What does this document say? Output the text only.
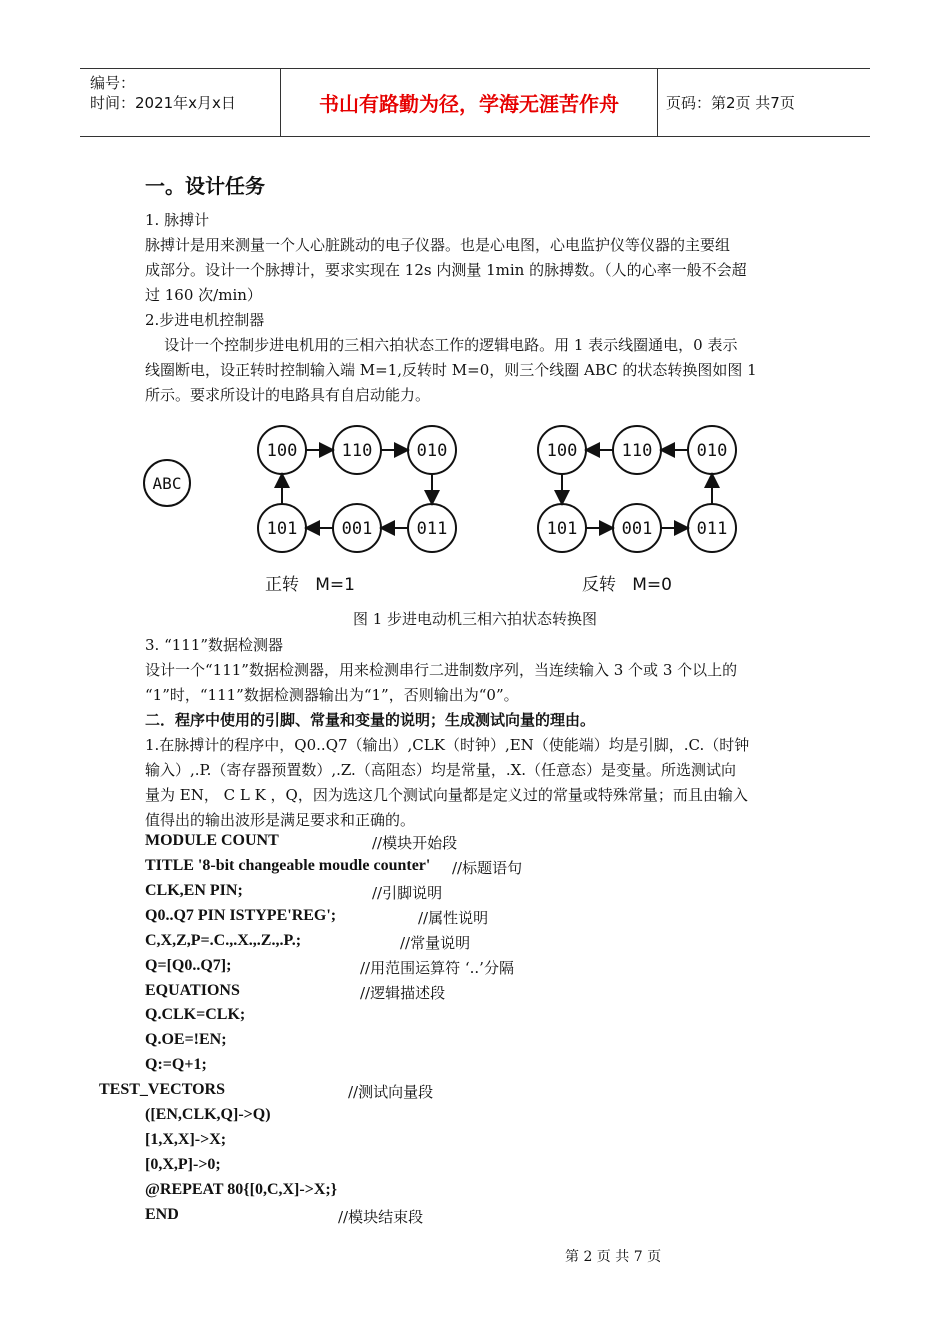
编号：
时间：2021年x月x日	书山有路勤为径，学海无涯苦作舟	页码：第2页 共7页
一。设计任务
1. 脉搏计
脉搏计是用来测量一个人心脏跳动的电子仪器。也是心电图，心电监护仪等仪器的主要组
成部分。设计一个脉搏计，要求实现在 12s 内测量 1min 的脉搏数。（人的心率一般不会超
过 160 次/min）
2.步进电机控制器
设计一个控制步进电机用的三相六拍状态工作的逻辑电路。用 1 表示线圈通电，0 表示
线圈断电，设正转时控制输入端 M=1,反转时 M=0，则三个线圈 ABC 的状态转换图如图 1
所示。要求所设计的电路具有自启动能力。
ABC
100	110	010
101	001	011
正转   M=1
100	110	010
101	001	011
反转   M=0
图 1 步进电动机三相六拍状态转换图
3. “111”数据检测器
设计一个“111”数据检测器，用来检测串行二进制数序列，当连续输入 3 个或 3 个以上的
“1”时，“111”数据检测器输出为“1”，否则输出为“0”。
二．程序中使用的引脚、常量和变量的说明；生成测试向量的理由。
1.在脉搏计的程序中，Q0..Q7（输出）,CLK（时钟）,EN（使能端）均是引脚，.C.（时钟
输入）,.P.（寄存器预置数）,.Z.（高阻态）均是常量，.X.（任意态）是变量。所选测试向
量为 EN， C L K ，Q，因为选这几个测试向量都是定义过的常量或特殊常量；而且由输入
值得出的输出波形是满足要求和正确的。
MODULE COUNT	//模块开始段
TITLE '8-bit changeable moudle counter' //标题语句
CLK,EN PIN;	//引脚说明
Q0..Q7 PIN ISTYPE'REG';	//属性说明
C,X,Z,P=.C.,.X.,.Z.,.P.;	//常量说明
Q=[Q0..Q7];	//用范围运算符 ‘..’分隔
EQUATIONS	//逻辑描述段
Q.CLK=CLK;
Q.OE=!EN;
Q:=Q+1;
TEST_VECTORS	//测试向量段
([EN,CLK,Q]->Q)
[1,X,X]->X;
[0,X,P]->0;
@REPEAT 80{[0,C,X]->X;}
END	//模块结束段
第 2 页 共 7 页
